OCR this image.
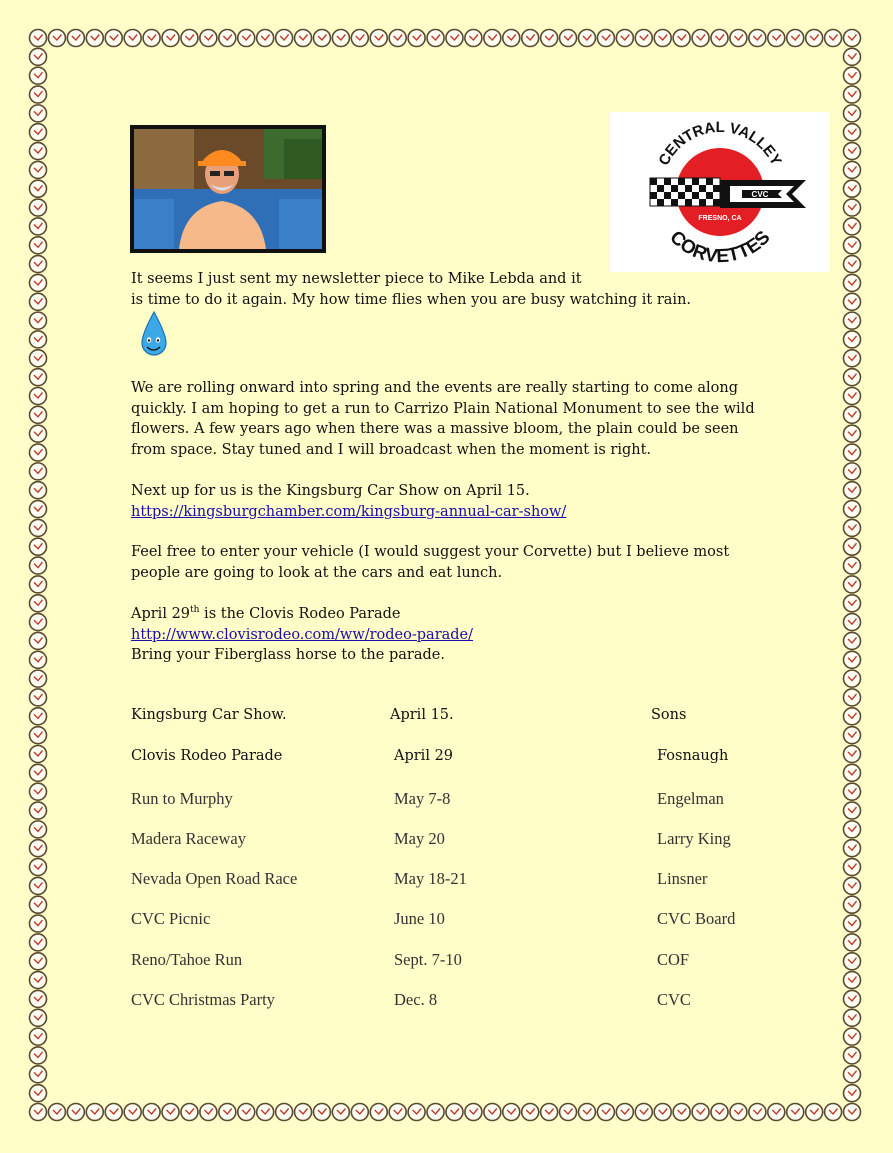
CVC
FRESNO, CA
CENTRAL VALLEY
CORVETTES

It seems I just sent my newsletter piece to Mike Lebda and it
is time to do it again. My how time flies when you are busy watching it rain.

We are rolling onward into spring and the events are really starting to come along quickly. I am hoping to get a run to Carrizo Plain National Monument to see the wild flowers. A few years ago when there was a massive bloom, the plain could be seen from space. Stay tuned and I will broadcast when the moment is right.

Next up for us is the Kingsburg Car Show on April 15.
https://kingsburgchamber.com/kingsburg-annual-car-show/

Feel free to enter your vehicle (I would suggest your Corvette) but I believe most people are going to look at the cars and eat lunch.

April 29th is the Clovis Rodeo Parade
http://www.clovisrodeo.com/ww/rodeo-parade/
Bring your Fiberglass horse to the parade.

Kingsburg Car Show.	April 15.	Sons
Clovis Rodeo Parade	April 29	Fosnaugh
Run to Murphy	May 7-8	Engelman
Madera Raceway	May 20	Larry King
Nevada Open Road Race	May 18-21	Linsner
CVC Picnic	June 10	CVC Board
Reno/Tahoe Run	Sept. 7-10	COF
CVC Christmas Party	Dec. 8	CVC
